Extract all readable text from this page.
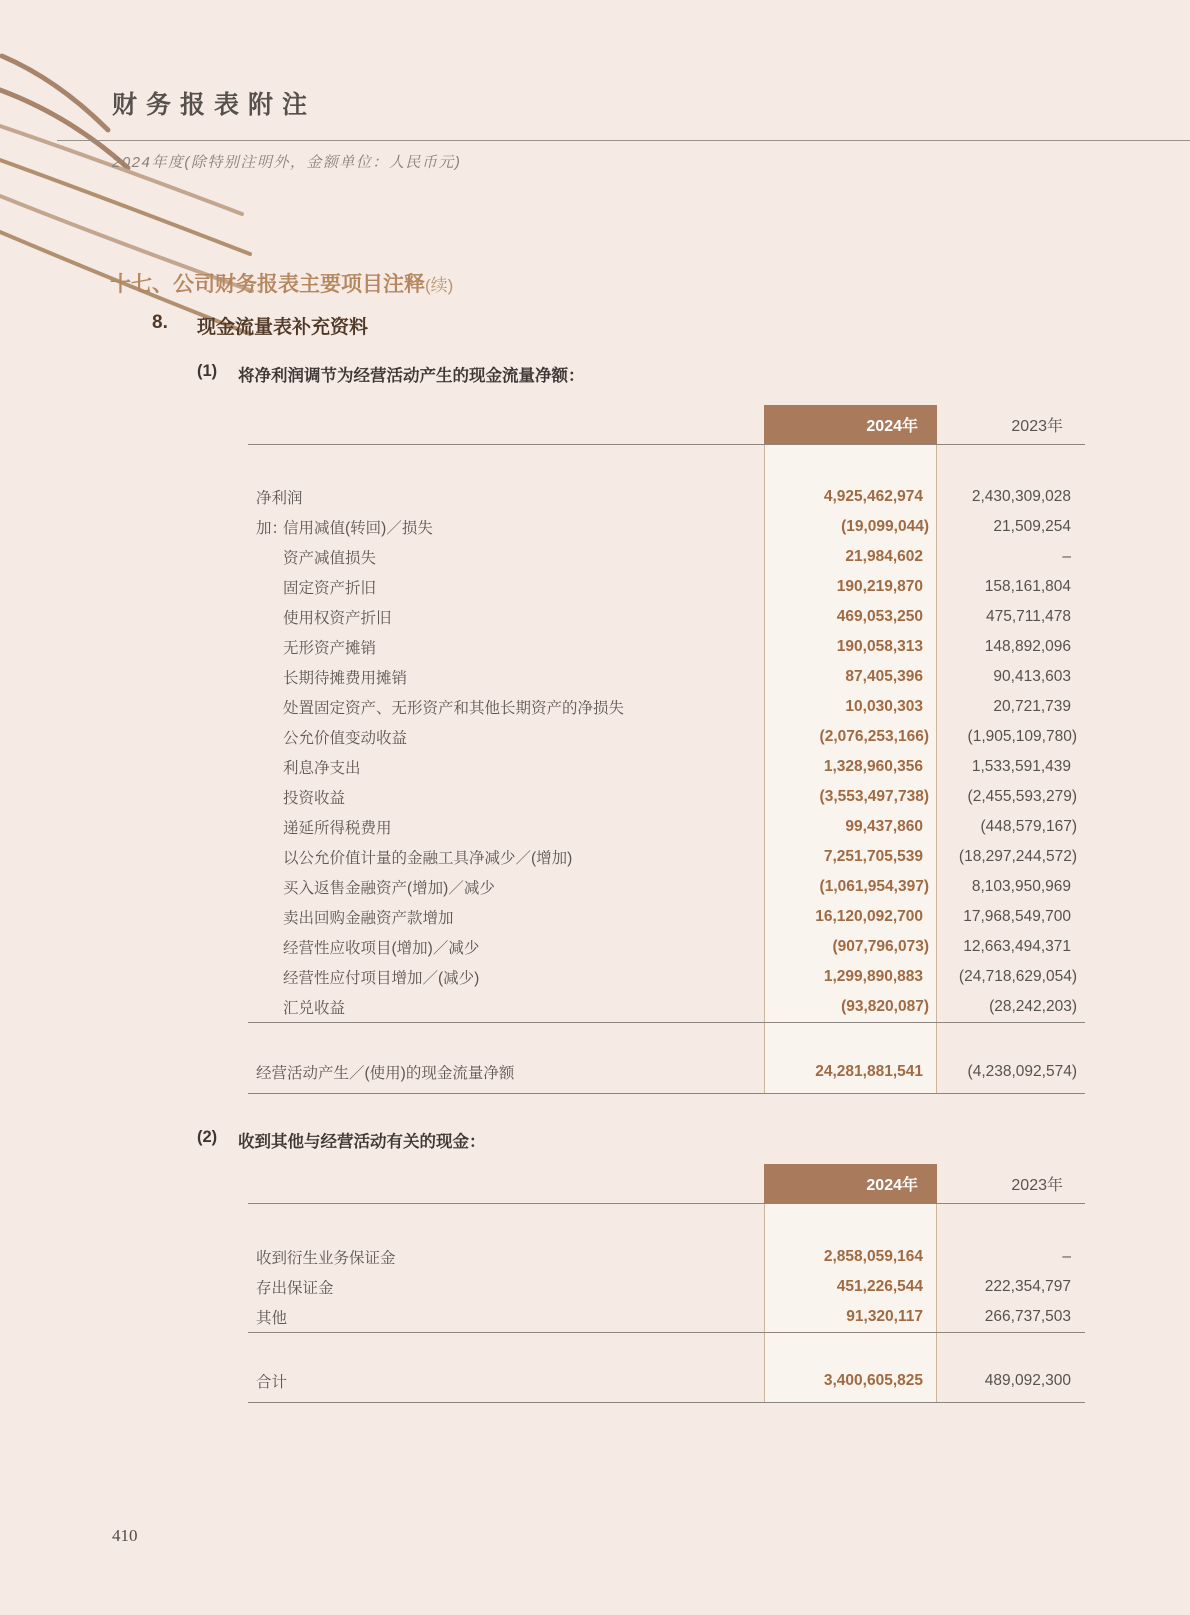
财务报表附注
2024年度(除特别注明外，金额单位：人民币元)
十七、公司财务报表主要项目注释(续)
8.	现金流量表补充资料
(1)	将净利润调节为经营活动产生的现金流量净额：
2024年	2023年
净利润	4,925,462,974	2,430,309,028
加：信用减值(转回)／损失	(19,099,044)	21,509,254
资产减值损失	21,984,602	–
固定资产折旧	190,219,870	158,161,804
使用权资产折旧	469,053,250	475,711,478
无形资产摊销	190,058,313	148,892,096
长期待摊费用摊销	87,405,396	90,413,603
处置固定资产、无形资产和其他长期资产的净损失	10,030,303	20,721,739
公允价值变动收益	(2,076,253,166)	(1,905,109,780)
利息净支出	1,328,960,356	1,533,591,439
投资收益	(3,553,497,738)	(2,455,593,279)
递延所得税费用	99,437,860	(448,579,167)
以公允价值计量的金融工具净减少／(增加)	7,251,705,539	(18,297,244,572)
买入返售金融资产(增加)／减少	(1,061,954,397)	8,103,950,969
卖出回购金融资产款增加	16,120,092,700	17,968,549,700
经营性应收项目(增加)／减少	(907,796,073)	12,663,494,371
经营性应付项目增加／(减少)	1,299,890,883	(24,718,629,054)
汇兑收益	(93,820,087)	(28,242,203)
经营活动产生／(使用)的现金流量净额	24,281,881,541	(4,238,092,574)
(2)	收到其他与经营活动有关的现金：
2024年	2023年
收到衍生业务保证金	2,858,059,164	–
存出保证金	451,226,544	222,354,797
其他	91,320,117	266,737,503
合计	3,400,605,825	489,092,300
410
